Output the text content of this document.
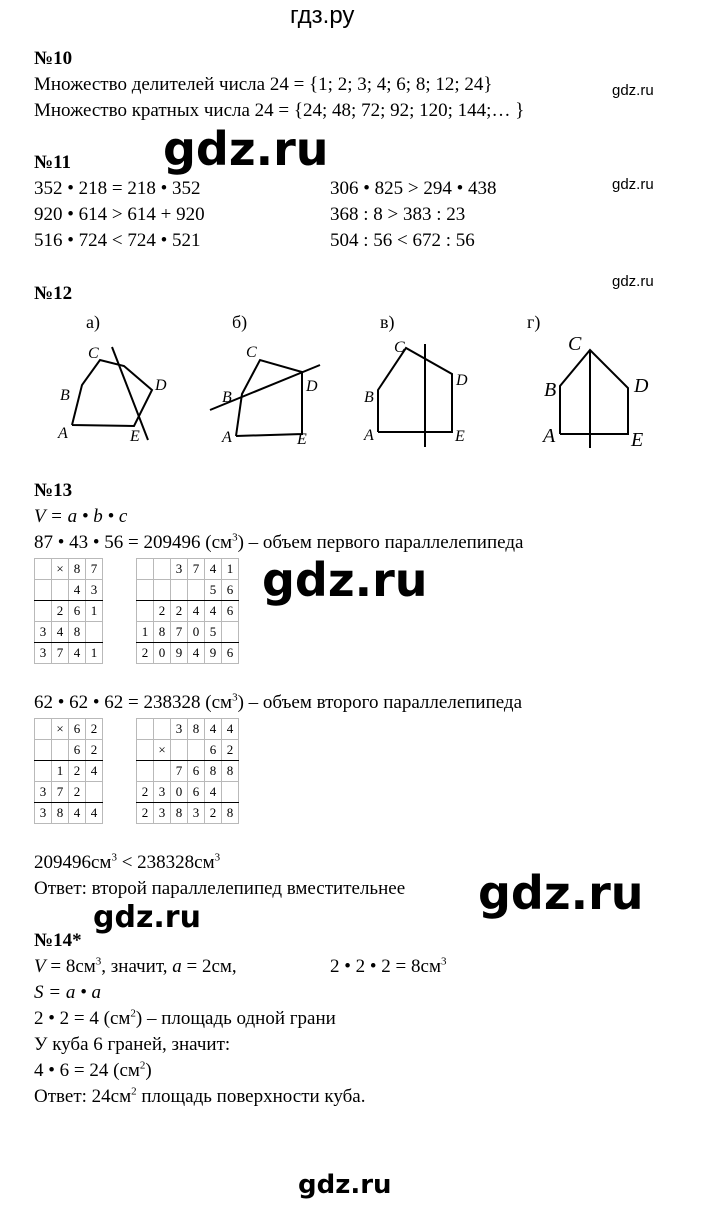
гдз.ру
gdz.ru
gdz.ru
gdz.ru
gdz.ru
gdz.ru
gdz.ru
gdz.ru
gdz.ru
№10
Множество делителей числа 24 = {1; 2; 3; 4; 6; 8; 12; 24}
Множество кратных числа 24 = {24; 48; 72; 92; 120; 144;… }
№11
352 • 218 = 218 • 352
920 • 614 > 614 + 920
516 • 724 < 724 • 521
306 • 825 > 294 • 438
368 : 8 > 383 : 23
504 : 56 < 672 : 56
№12
а)	б)	в)	г)
A
B
C
D
E	A
B
C
D
E	A
B
C
D
E	A
B
C
D
E
№13
V = a • b • c
87 • 43 • 56 = 209496 $(см^3)$ – объем первого параллелепипеда
	×	8	7
		4	3
	2	6	1
3	4	8	
3	7	4	1
		3	7	4	1
				5	6
	2	2	4	4	6
1	8	7	0	5	
2	0	9	4	9	6
62 • 62 • 62 = 238328 $(см^3)$ – объем второго параллелепипеда
	×	6	2
		6	2
	1	2	4
3	7	2	
3	8	4	4
		3	8	4	4
	×			6	2
		7	6	8	8
2	3	0	6	4	
2	3	8	3	2	8
$209496см^3 < 238328см^3$
Ответ: второй параллелепипед вместительнее
№14*
$V = 8см^3$, значит, a = 2см,	2 • 2 • $2 = 8см^3$
S = a • a
2 • 2 = 4 $(см^2)$ – площадь одной грани
У куба 6 граней, значит:
4 • 6 = 24 $(см^2)$
Ответ: $24см^2$ площадь поверхности куба.
